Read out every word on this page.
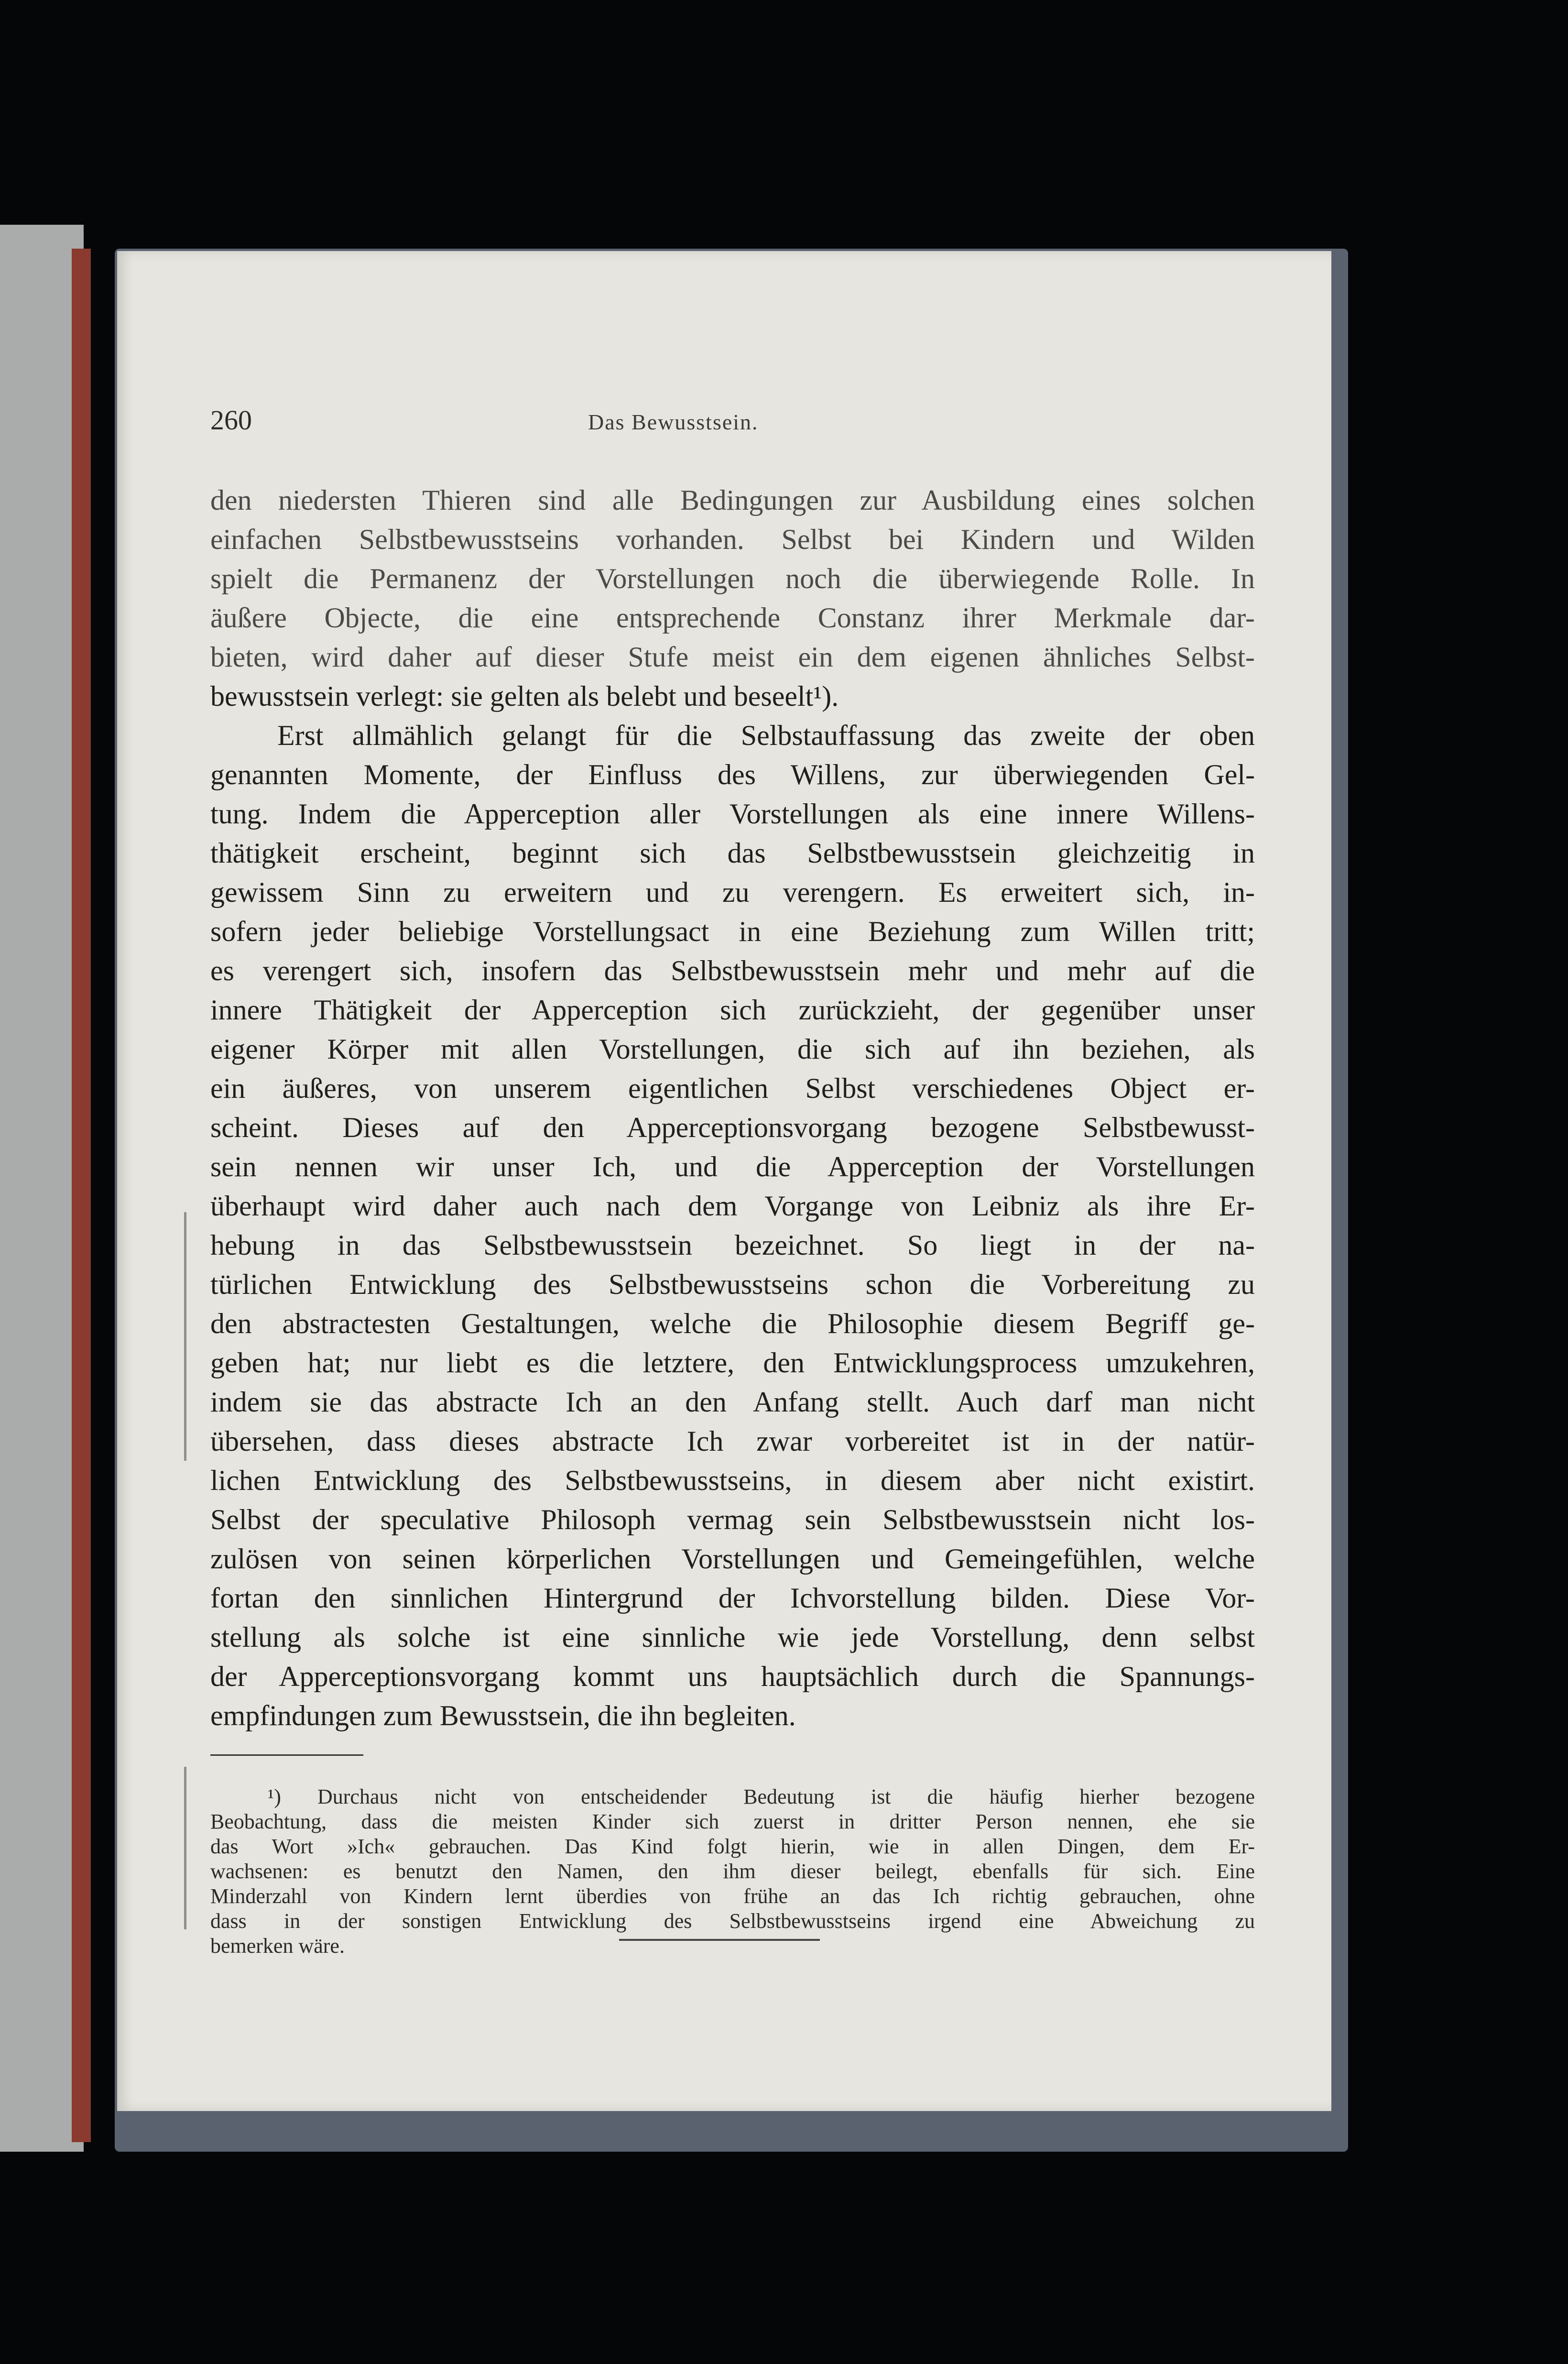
260	Das Bewusstsein.
den niedersten Thieren sind alle Bedingungen zur Ausbildung eines solchen
einfachen Selbstbewusstseins vorhanden. Selbst bei Kindern und Wilden
spielt die Permanenz der Vorstellungen noch die überwiegende Rolle. In
äußere Objecte, die eine entsprechende Constanz ihrer Merkmale dar-
bieten, wird daher auf dieser Stufe meist ein dem eigenen ähnliches Selbst-
bewusstsein verlegt: sie gelten als belebt und beseelt¹).
Erst allmählich gelangt für die Selbstauffassung das zweite der oben
genannten Momente, der Einfluss des Willens, zur überwiegenden Gel-
tung. Indem die Apperception aller Vorstellungen als eine innere Willens-
thätigkeit erscheint, beginnt sich das Selbstbewusstsein gleichzeitig in
gewissem Sinn zu erweitern und zu verengern. Es erweitert sich, in-
sofern jeder beliebige Vorstellungsact in eine Beziehung zum Willen tritt;
es verengert sich, insofern das Selbstbewusstsein mehr und mehr auf die
innere Thätigkeit der Apperception sich zurückzieht, der gegenüber unser
eigener Körper mit allen Vorstellungen, die sich auf ihn beziehen, als
ein äußeres, von unserem eigentlichen Selbst verschiedenes Object er-
scheint. Dieses auf den Apperceptionsvorgang bezogene Selbstbewusst-
sein nennen wir unser Ich, und die Apperception der Vorstellungen
überhaupt wird daher auch nach dem Vorgange von Leibniz als ihre Er-
hebung in das Selbstbewusstsein bezeichnet. So liegt in der na-
türlichen Entwicklung des Selbstbewusstseins schon die Vorbereitung zu
den abstractesten Gestaltungen, welche die Philosophie diesem Begriff ge-
geben hat; nur liebt es die letztere, den Entwicklungsprocess umzukehren,
indem sie das abstracte Ich an den Anfang stellt. Auch darf man nicht
übersehen, dass dieses abstracte Ich zwar vorbereitet ist in der natür-
lichen Entwicklung des Selbstbewusstseins, in diesem aber nicht existirt.
Selbst der speculative Philosoph vermag sein Selbstbewusstsein nicht los-
zulösen von seinen körperlichen Vorstellungen und Gemeingefühlen, welche
fortan den sinnlichen Hintergrund der Ichvorstellung bilden. Diese Vor-
stellung als solche ist eine sinnliche wie jede Vorstellung, denn selbst
der Apperceptionsvorgang kommt uns hauptsächlich durch die Spannungs-
empfindungen zum Bewusstsein, die ihn begleiten.
¹) Durchaus nicht von entscheidender Bedeutung ist die häufig hierher bezogene
Beobachtung, dass die meisten Kinder sich zuerst in dritter Person nennen, ehe sie
das Wort »Ich« gebrauchen. Das Kind folgt hierin, wie in allen Dingen, dem Er-
wachsenen: es benutzt den Namen, den ihm dieser beilegt, ebenfalls für sich. Eine
Minderzahl von Kindern lernt überdies von frühe an das Ich richtig gebrauchen, ohne
dass in der sonstigen Entwicklung des Selbstbewusstseins irgend eine Abweichung zu
bemerken wäre.
